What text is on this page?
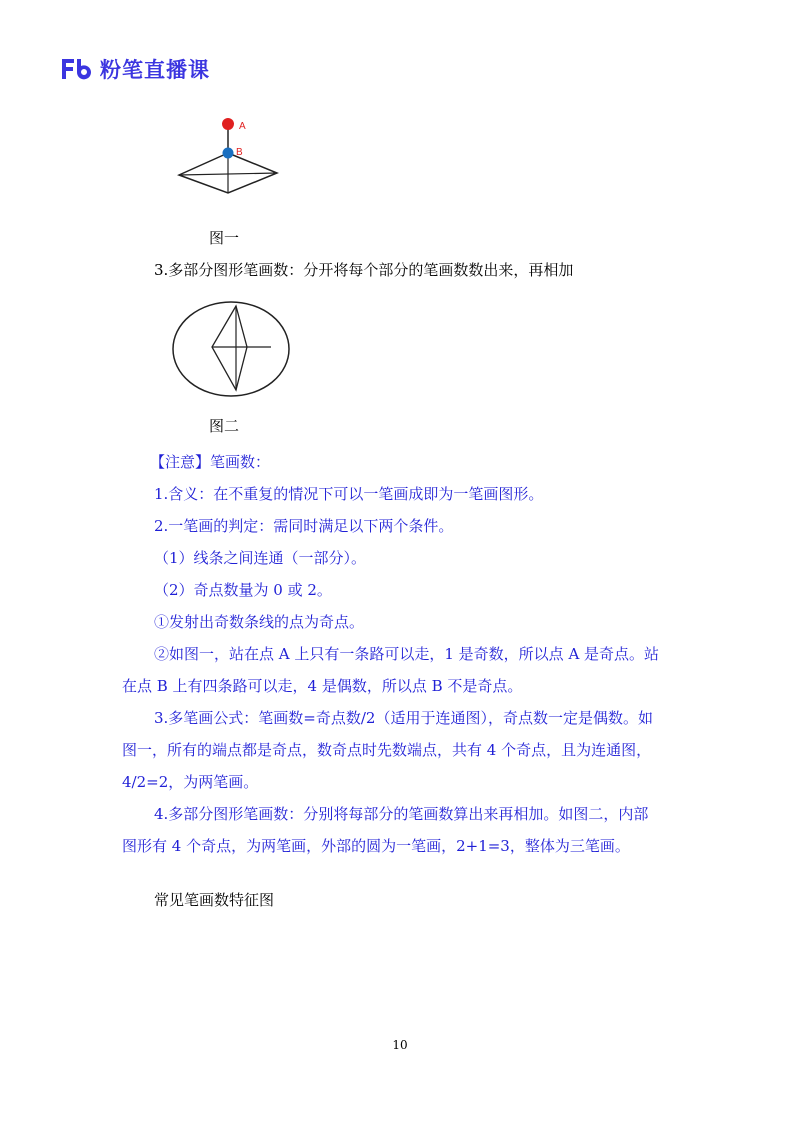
粉笔直播课
A
B
图一
3.多部分图形笔画数：分开将每个部分的笔画数数出来，再相加
图二
【注意】笔画数：
1.含义：在不重复的情况下可以一笔画成即为一笔画图形。
2.一笔画的判定：需同时满足以下两个条件。
（1）线条之间连通（一部分）。
（2）奇点数量为 0 或 2。
①发射出奇数条线的点为奇点。
②如图一，站在点 A 上只有一条路可以走，1 是奇数，所以点 A 是奇点。站
在点 B 上有四条路可以走，4 是偶数，所以点 B 不是奇点。
3.多笔画公式：笔画数=奇点数/2（适用于连通图），奇点数一定是偶数。如
图一，所有的端点都是奇点，数奇点时先数端点，共有 4 个奇点，且为连通图，
4/2=2，为两笔画。
4.多部分图形笔画数：分别将每部分的笔画数算出来再相加。如图二，内部
图形有 4 个奇点，为两笔画，外部的圆为一笔画，2+1=3，整体为三笔画。
常见笔画数特征图
10
